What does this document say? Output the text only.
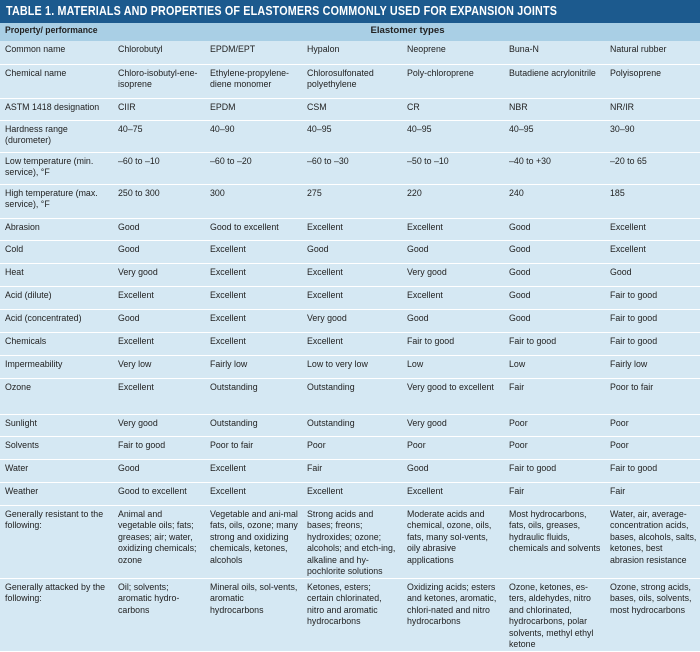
TABLE 1. MATERIALS AND PROPERTIES OF ELASTOMERS COMMONLY USED FOR EXPANSION JOINTS
Property/ performance	Elastomer types					

Common name	Chlorobutyl	EPDM/EPT	Hypalon	Neoprene	Buna-N	Natural rubber

Chemical name	Chloro-isobutyl-ene-isoprene	Ethylene-propylene-diene monomer	Chlorosulfonated polyethylene	Poly-chloroprene	Butadiene acrylonitrile	Polyisoprene

ASTM 1418 designation	CIIR	EPDM	CSM	CR	NBR	NR/IR

Hardness range (durometer)	40–75	40–90	40–95	40–95	40–95	30–90

Low temperature (min. service), °F	–60 to –10	–60 to –20	–60 to –30	–50 to –10	–40 to +30	–20 to 65

High temperature (max. service), °F	250 to 300	300	275	220	240	185

Abrasion	Good	Good to excellent	Excellent	Excellent	Good	Excellent

Cold	Good	Excellent	Good	Good	Good	Excellent

Heat	Very good	Excellent	Excellent	Very good	Good	Good

Acid (dilute)	Excellent	Excellent	Excellent	Excellent	Good	Fair to good

Acid (concentrated)	Good	Excellent	Very good	Good	Good	Fair to good

Chemicals	Excellent	Excellent	Excellent	Fair to good	Fair to good	Fair to good

Impermeability	Very low	Fairly low	Low to very low	Low	Low	Fairly low

Ozone	Excellent	Outstanding	Outstanding	Very good to excellent	Fair	Poor to fair

Sunlight	Very good	Outstanding	Outstanding	Very good	Poor	Poor

Solvents	Fair to good	Poor to fair	Poor	Poor	Poor	Poor

Water	Good	Excellent	Fair	Good	Fair to good	Fair to good

Weather	Good to excellent	Excellent	Excellent	Excellent	Fair	Fair

Generally resistant to the following:	Animal and vegetable oils; fats; greases; air; water, oxidizing chemicals; ozone	Vegetable and ani-mal fats, oils, ozone; many strong and oxidizing chemicals, ketones, alcohols	Strong acids and bases; freons; hydroxides; ozone; alcohols; and etch-ing, alkaline and hy-pochlorite solutions	Moderate acids and chemical, ozone, oils, fats, many sol-vents, oily abrasive applications	Most hydrocarbons, fats, oils, greases, hydraulic fluids, chemicals and solvents	Water, air, average-concentration acids, bases, alcohols, salts, ketones, best abrasion resistance

Generally attacked by the following:	Oil; solvents; aromatic hydro-carbons	Mineral oils, sol-vents, aromatic hydrocarbons	Ketones, esters; certain chlorinated, nitro and aromatic hydrocarbons	Oxidizing acids; esters and ketones, aromatic, chlori-nated and nitro hydrocarbons	Ozone, ketones, es-ters, aldehydes, nitro and chlorinated, hydrocarbons, polar solvents, methyl ethyl ketone	Ozone, strong acids, bases, oils, solvents, most hydrocarbons
